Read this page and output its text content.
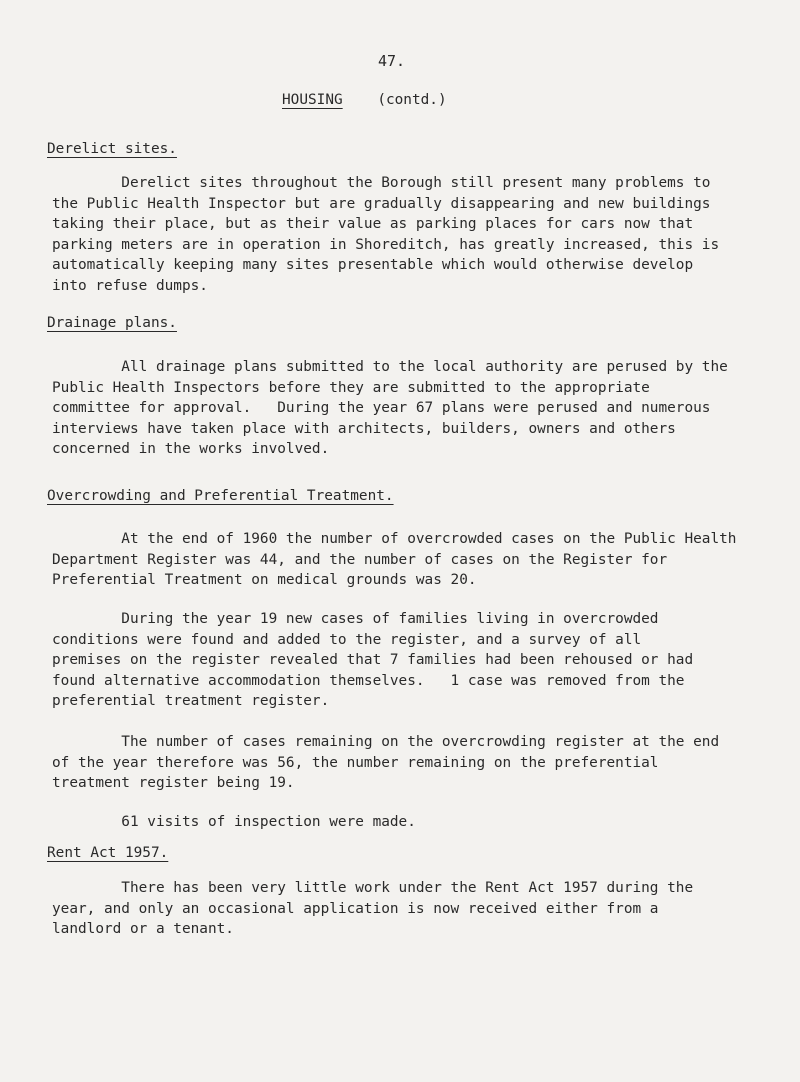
47.
HOUSING (contd.)
Derelict sites.
Derelict sites throughout the Borough still present many problems to
the Public Health Inspector but are gradually disappearing and new buildings
taking their place, but as their value as parking places for cars now that
parking meters are in operation in Shoreditch, has greatly increased, this is
automatically keeping many sites presentable which would otherwise develop
into refuse dumps.
Drainage plans.
All drainage plans submitted to the local authority are perused by the
Public Health Inspectors before they are submitted to the appropriate
committee for approval.   During the year 67 plans were perused and numerous
interviews have taken place with architects, builders, owners and others
concerned in the works involved.
Overcrowding and Preferential Treatment.
At the end of 1960 the number of overcrowded cases on the Public Health
Department Register was 44, and the number of cases on the Register for
Preferential Treatment on medical grounds was 20.
During the year 19 new cases of families living in overcrowded
conditions were found and added to the register, and a survey of all
premises on the register revealed that 7 families had been rehoused or had
found alternative accommodation themselves.   1 case was removed from the
preferential treatment register.
The number of cases remaining on the overcrowding register at the end
of the year therefore was 56, the number remaining on the preferential
treatment register being 19.
61 visits of inspection were made.
Rent Act 1957.
There has been very little work under the Rent Act 1957 during the
year, and only an occasional application is now received either from a
landlord or a tenant.
